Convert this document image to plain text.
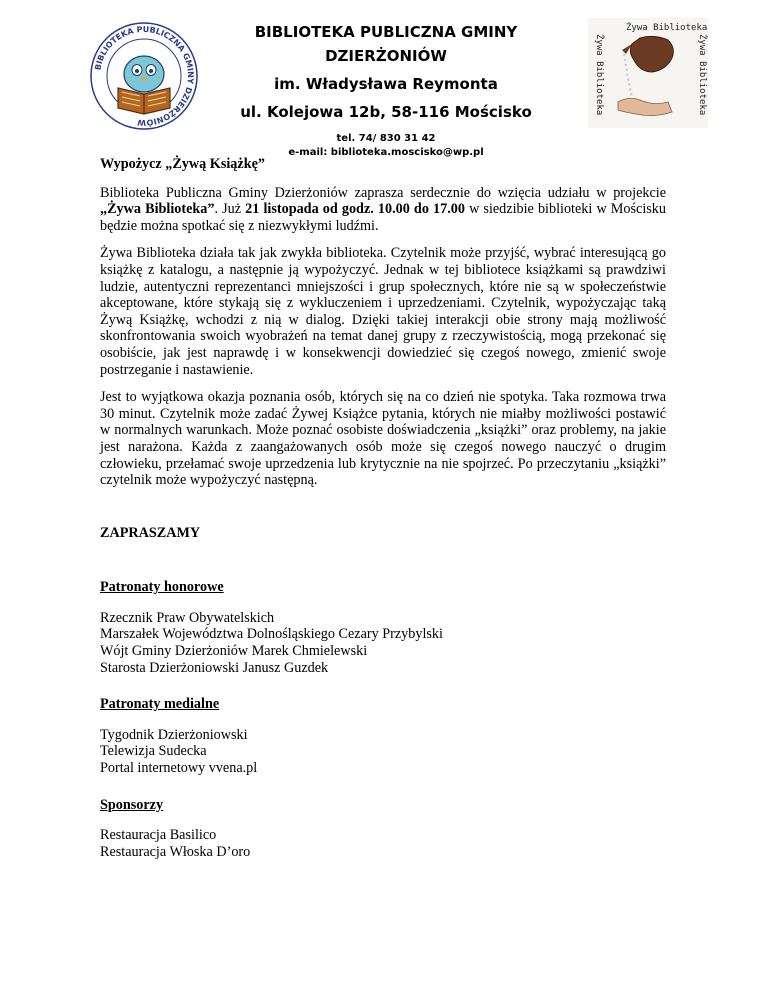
BIBLIOTEKA PUBLICZNA GMINY DZIERŻONIÓW
BIBLIOTEKA PUBLICZNA GMINY DZIERŻONIÓW
im. Władysława Reymonta
ul. Kolejowa 12b, 58-116 Mościsko
tel. 74/ 830 31 42
e-mail: biblioteka.moscisko@wp.pl
Żywa Biblioteka
Żywa Biblioteka	Żywa Biblioteka

Wypożycz „Żywą Książkę”

Biblioteka Publiczna Gminy Dzierżoniów zaprasza serdecznie do wzięcia udziału w projekcie „Żywa Biblioteka”. Już 21 listopada od godz. 10.00 do 17.00 w siedzibie biblioteki w Mościsku będzie można spotkać się z niezwykłymi ludźmi.

Żywa Biblioteka działa tak jak zwykła biblioteka. Czytelnik może przyjść, wybrać interesującą go książkę z katalogu, a następnie ją wypożyczyć. Jednak w tej bibliotece książkami są prawdziwi ludzie, autentyczni reprezentanci mniejszości i grup społecznych, które nie są w społeczeństwie akceptowane, które stykają się z wykluczeniem i uprzedzeniami. Czytelnik, wypożyczając taką Żywą Książkę, wchodzi z nią w dialog. Dzięki takiej interakcji obie strony mają możliwość skonfrontowania swoich wyobrażeń na temat danej grupy z rzeczywistością, mogą przekonać się osobiście, jak jest naprawdę i w konsekwencji dowiedzieć się czegoś nowego, zmienić swoje postrzeganie i nastawienie.

Jest to wyjątkowa okazja poznania osób, których się na co dzień nie spotyka. Taka rozmowa trwa 30 minut. Czytelnik może zadać Żywej Książce pytania, których nie miałby możliwości postawić w normalnych warunkach. Może poznać osobiste doświadczenia „książki” oraz problemy, na jakie jest narażona. Każda z zaangażowanych osób może się czegoś nowego nauczyć o drugim człowieku, przełamać swoje uprzedzenia lub krytycznie na nie spojrzeć. Po przeczytaniu „książki” czytelnik może wypożyczyć następną.

ZAPRASZAMY

Patronaty honorowe

Rzecznik Praw Obywatelskich

Marszałek Województwa Dolnośląskiego Cezary Przybylski

Wójt Gminy Dzierżoniów Marek Chmielewski

Starosta Dzierżoniowski Janusz Guzdek

Patronaty medialne

Tygodnik Dzierżoniowski

Telewizja Sudecka

Portal internetowy vvena.pl

Sponsorzy

Restauracja Basilico

Restauracja Włoska D’oro
